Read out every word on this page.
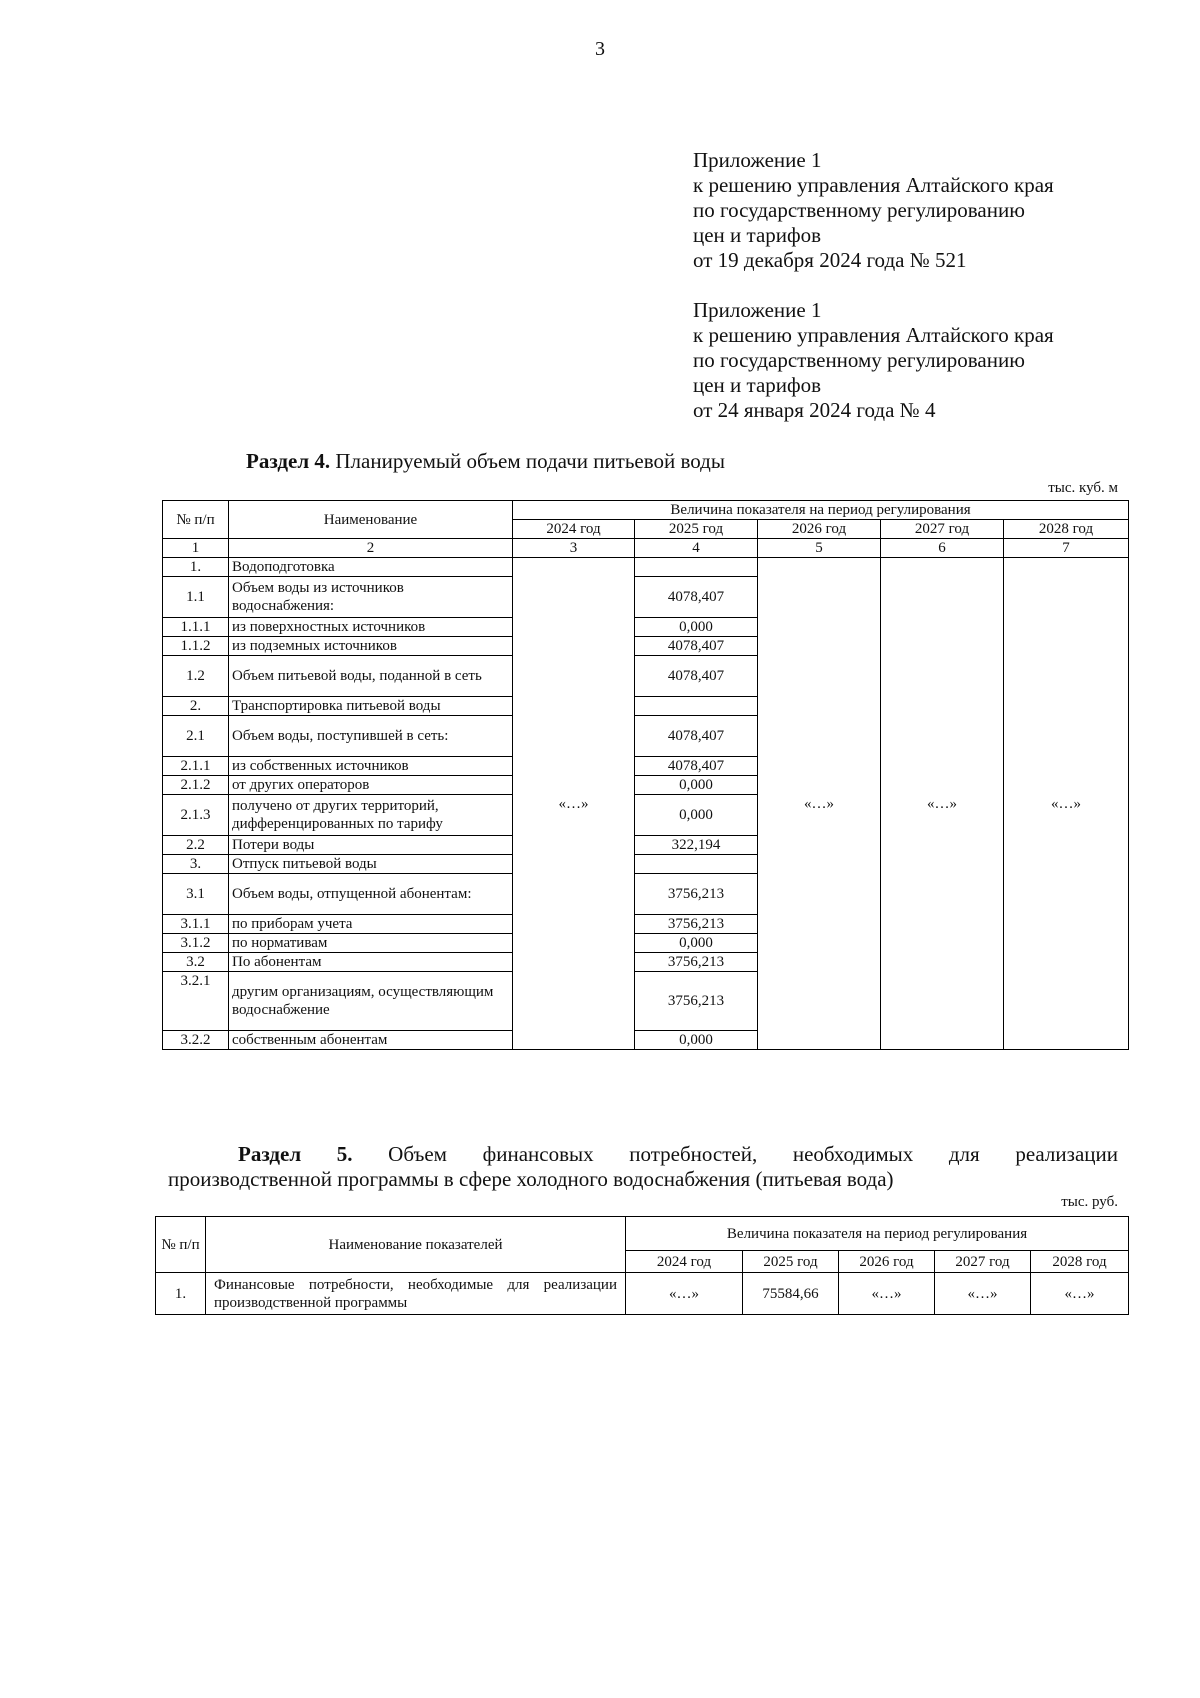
3
Приложение 1
к решению управления Алтайского края
по государственному регулированию
цен и тарифов
от 19 декабря 2024 года № 521
Приложение 1
к решению управления Алтайского края
по государственному регулированию
цен и тарифов
от 24 января 2024 года № 4
Раздел 4. Планируемый объем подачи питьевой воды
тыс. куб. м
№ п/п	Наименование	Величина показателя на период регулирования				
		2024 год	2025 год	2026 год	2027 год	2028 год
1	2	3	4	5	6	7
1.	Водоподготовка	«…»		«…»	«…»	«…»
1.1	Объем воды из источников водоснабжения:		4078,407			
1.1.1	из поверхностных источников		0,000			
1.1.2	из подземных источников		4078,407			
1.2	Объем питьевой воды, поданной в сеть		4078,407			
2.	Транспортировка питьевой воды					
2.1	Объем воды, поступившей в сеть:		4078,407			
2.1.1	из собственных источников		4078,407			
2.1.2	от других операторов		0,000			
2.1.3	получено от других территорий, дифференцированных по тарифу		0,000			
2.2	Потери воды		322,194			
3.	Отпуск питьевой воды					
3.1	Объем воды, отпущенной абонентам:		3756,213			
3.1.1	по приборам учета		3756,213			
3.1.2	по нормативам		0,000			
3.2	По абонентам		3756,213			
3.2.1	другим организациям, осуществляющим водоснабжение		3756,213			
3.2.2	собственным абонентам		0,000			
Раздел 5. Объем финансовых потребностей, необходимых для реализации
производственной программы в сфере холодного водоснабжения (питьевая вода)
тыс. руб.
№ п/п	Наименование показателей	Величина показателя на период регулирования				
		2024 год	2025 год	2026 год	2027 год	2028 год
1.	Финансовые потребности, необходимые для реализации производственной программы	«…»	75584,66	«…»	«…»	«…»
